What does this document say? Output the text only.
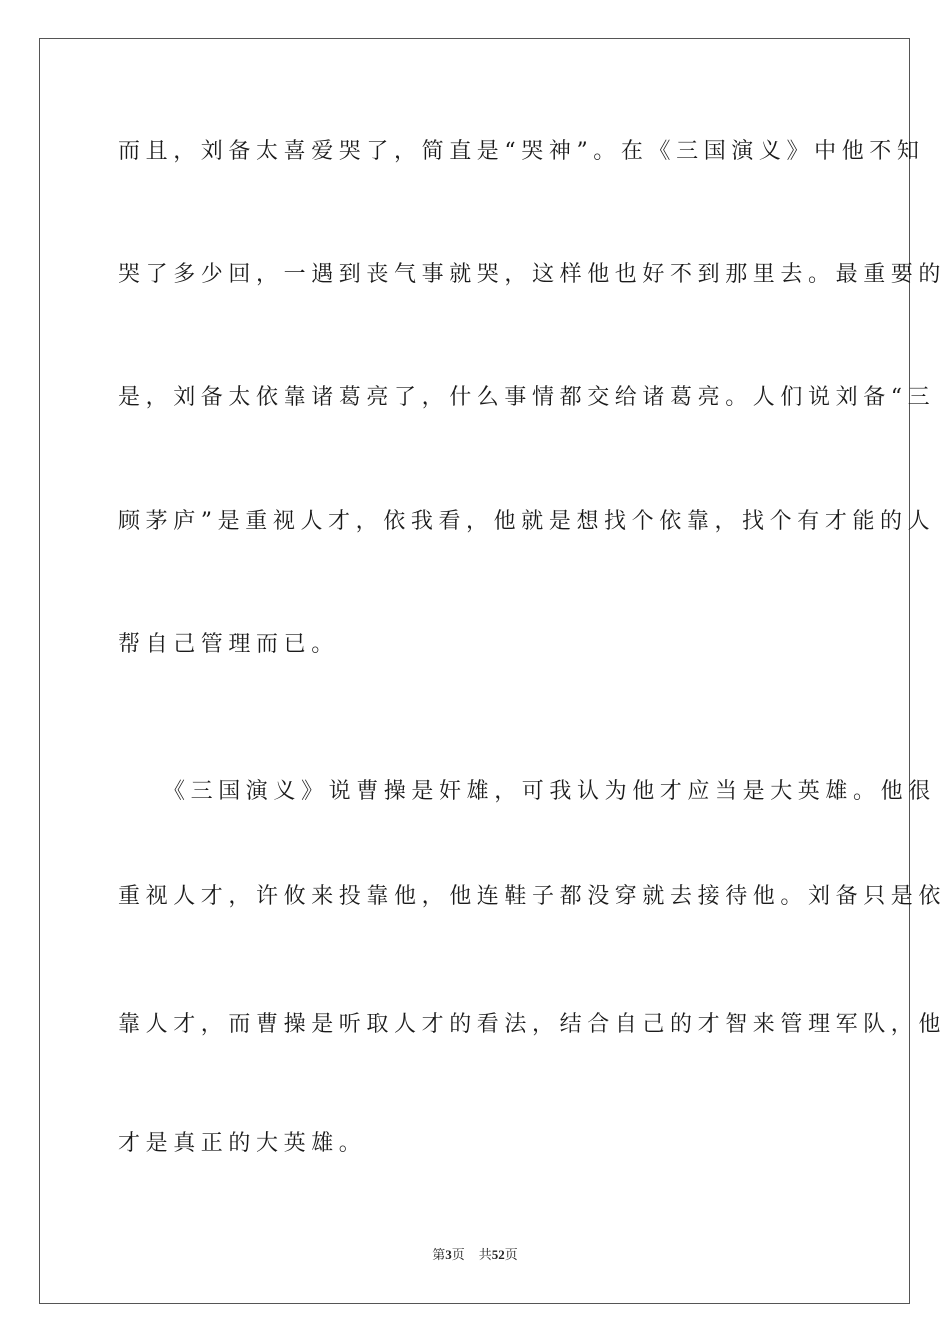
而且，刘备太喜爱哭了，简直是“哭神”。在《三国演义》中他不知
哭了多少回，一遇到丧气事就哭，这样他也好不到那里去。最重要的
是，刘备太依靠诸葛亮了，什么事情都交给诸葛亮。人们说刘备“三
顾茅庐”是重视人才，依我看，他就是想找个依靠，找个有才能的人
帮自己管理而已。
《三国演义》说曹操是奸雄，可我认为他才应当是大英雄。他很
重视人才，许攸来投靠他，他连鞋子都没穿就去接待他。刘备只是依
靠人才，而曹操是听取人才的看法，结合自己的才智来管理军队，他
才是真正的大英雄。
第3页 共52页
